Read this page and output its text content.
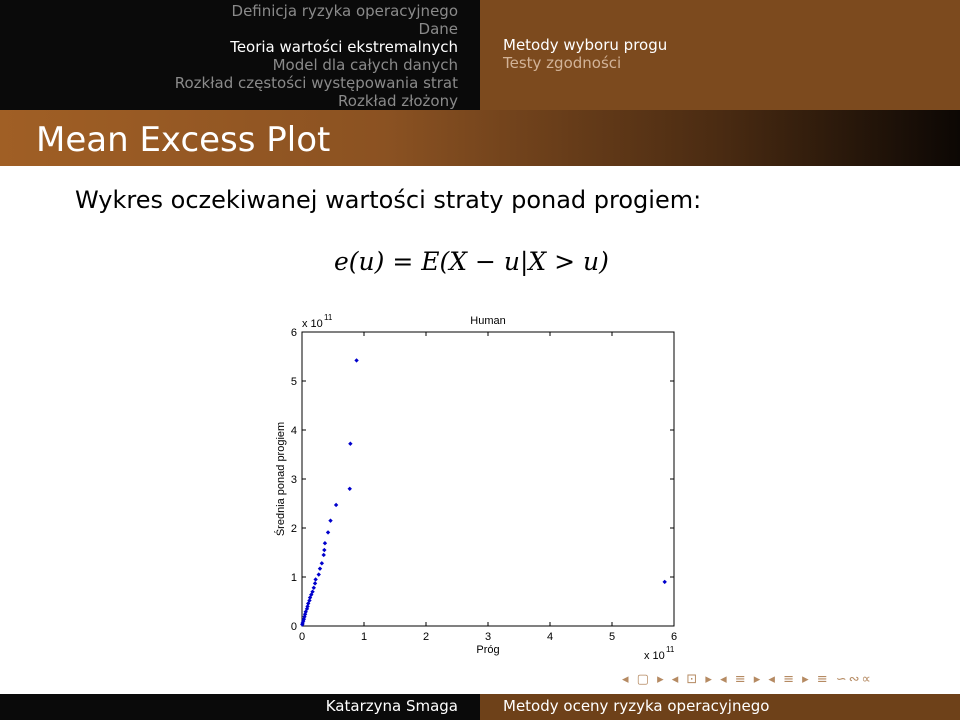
Definicja ryzyka operacyjnego
Dane
Teoria wartości ekstremalnych
Model dla całych danych
Rozkład częstości występowania strat
Rozkład złożony
Metody wyboru progu
Testy zgodności
Mean Excess Plot
Wykres oczekiwanej wartości straty ponad progiem:
e(u) = E(X − u|X > u)
0	1	2	3	4	5	6
0
1
2
3
4
5
6
Human
x 10
11
x 10
11
Próg
Średnia ponad progiem
◂ ▢ ▸ ◂ ⊡ ▸ ◂ ≡ ▸ ◂ ≡ ▸ ≡ ∽∾∝
Katarzyna Smaga	Metody oceny ryzyka operacyjnego
